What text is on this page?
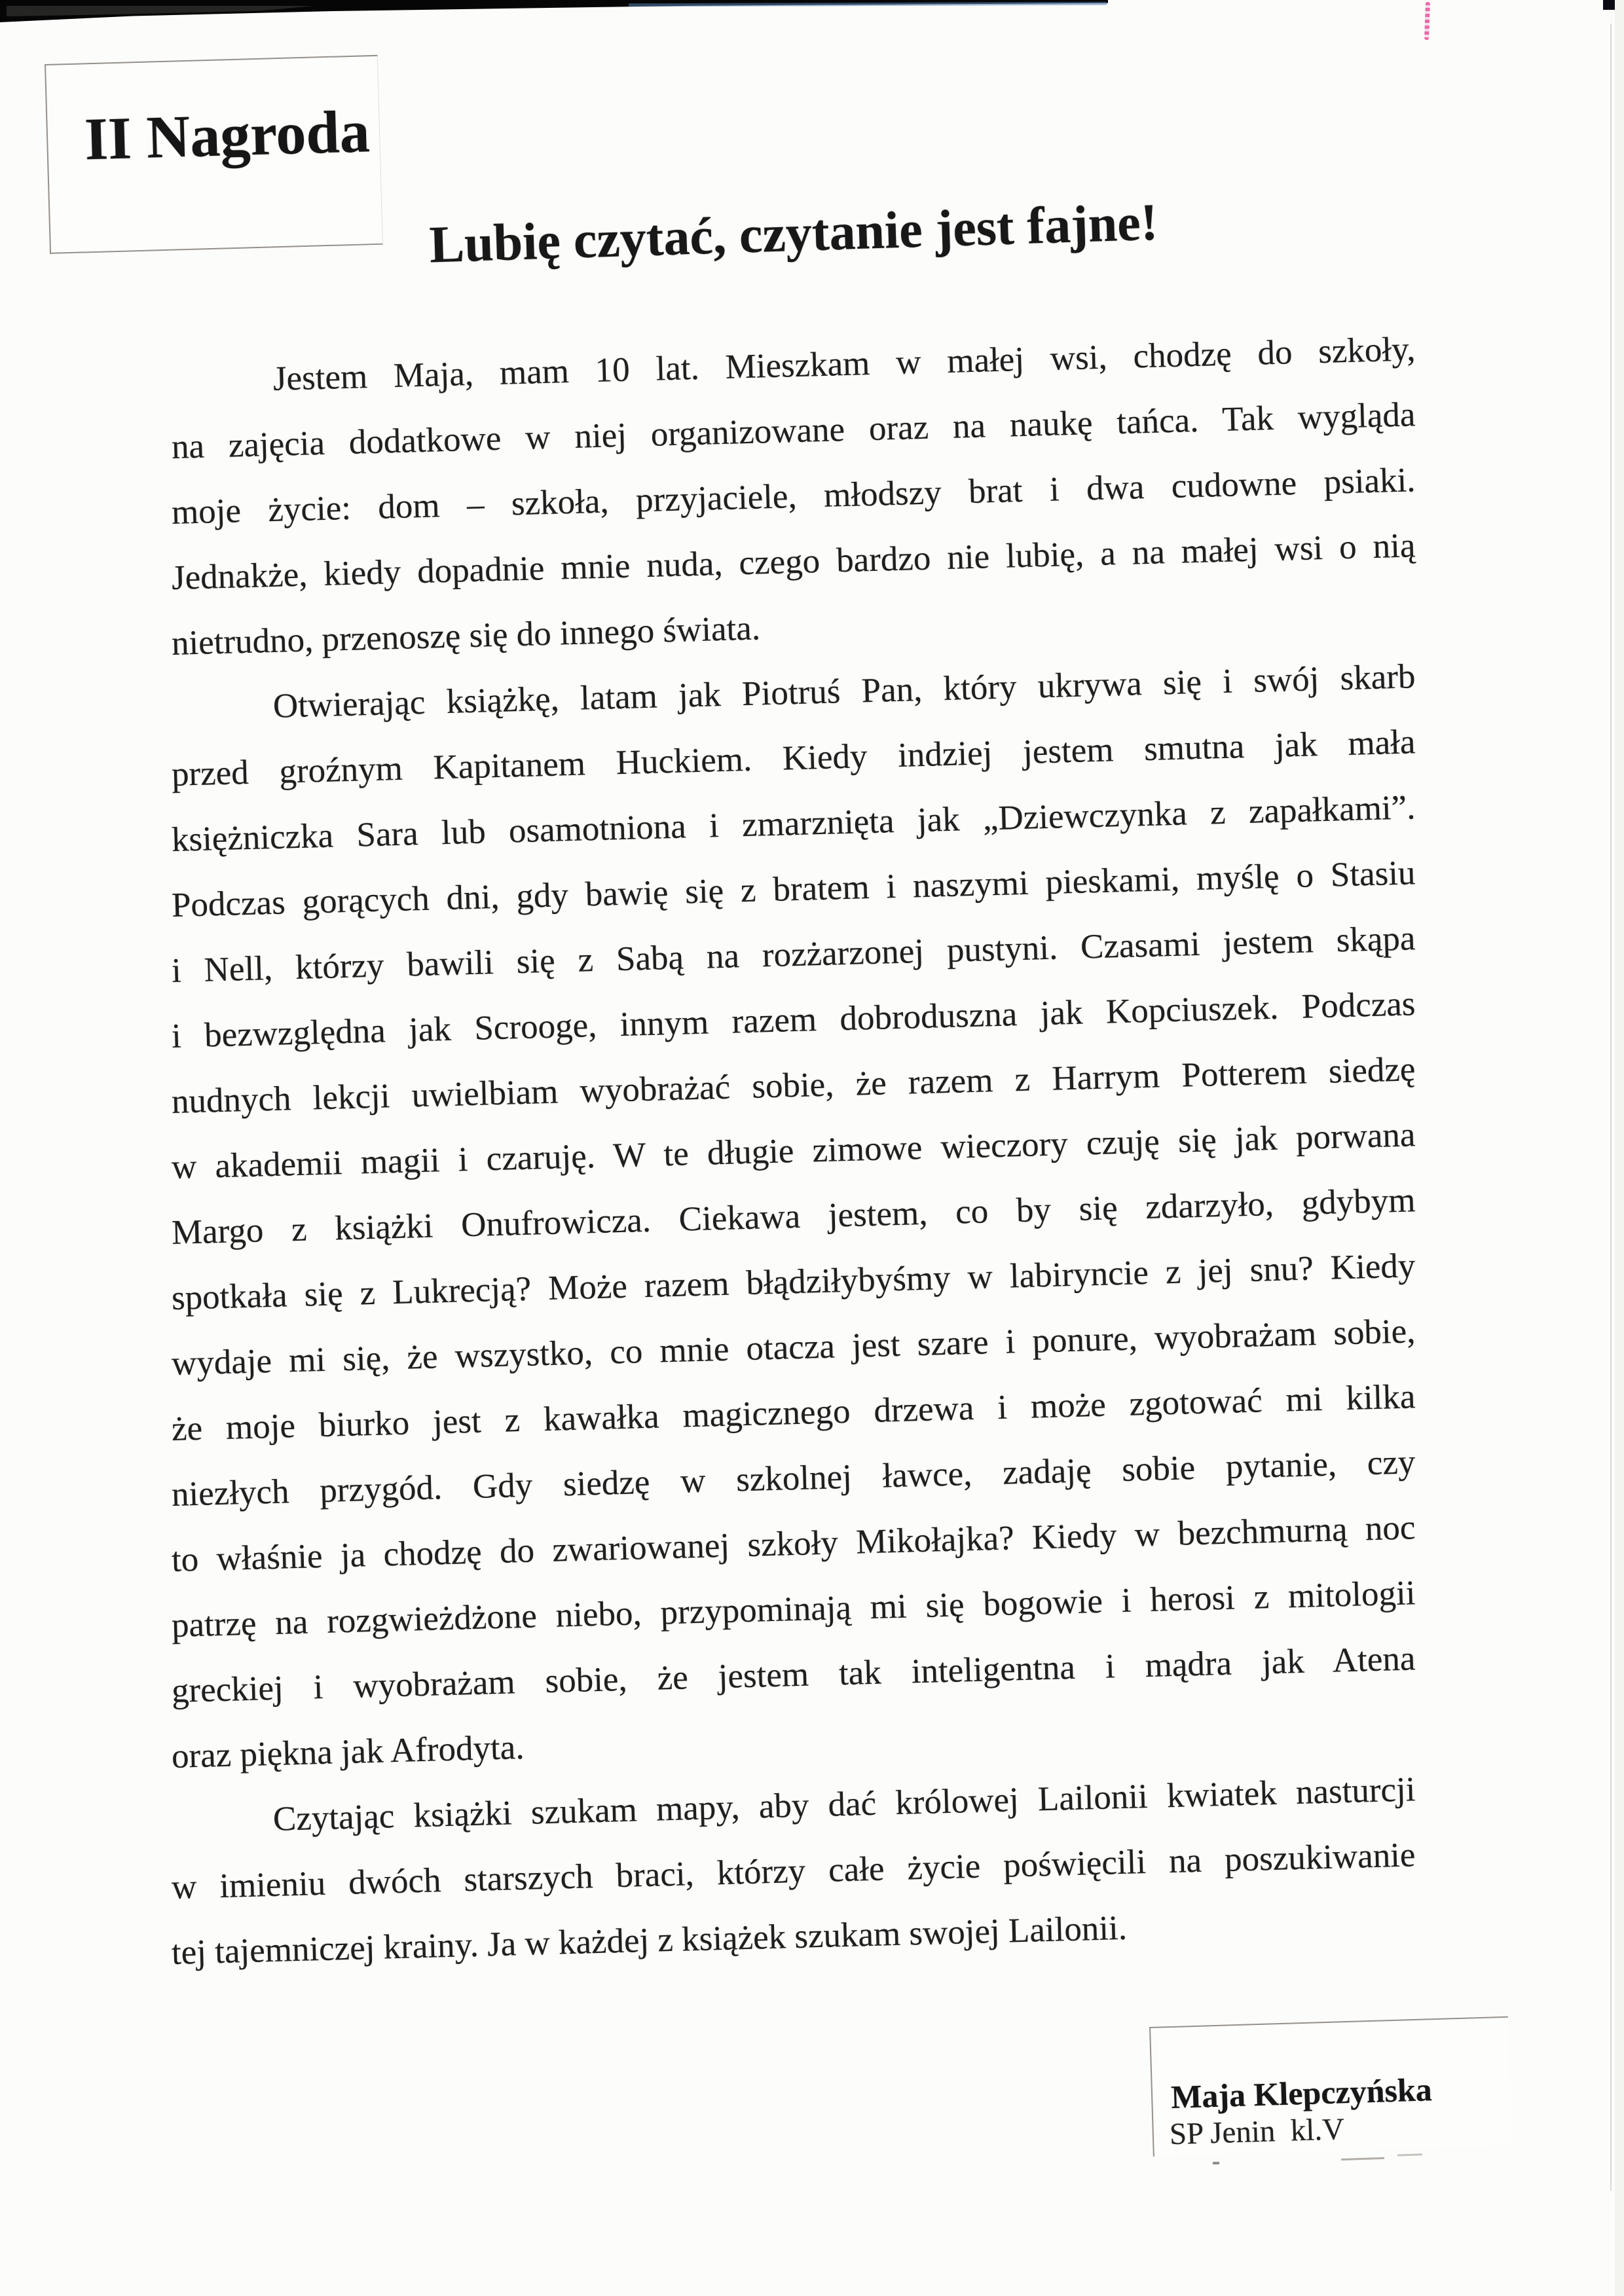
II Nagroda
Lubię czytać, czytanie jest fajne!
Jestem Maja, mam 10 lat. Mieszkam w małej wsi, chodzę do szkoły,
na zajęcia dodatkowe w niej organizowane oraz na naukę tańca. Tak wygląda
moje życie: dom – szkoła, przyjaciele, młodszy brat i dwa cudowne psiaki.
Jednakże, kiedy dopadnie mnie nuda, czego bardzo nie lubię, a na małej wsi o nią
nietrudno, przenoszę się do innego świata.
Otwierając książkę, latam jak Piotruś Pan, który ukrywa się i swój skarb
przed groźnym Kapitanem Huckiem. Kiedy indziej jestem smutna jak mała
księżniczka Sara lub osamotniona i zmarznięta jak „Dziewczynka z zapałkami”.
Podczas gorących dni, gdy bawię się z bratem i naszymi pieskami, myślę o Stasiu
i Nell, którzy bawili się z Sabą na rozżarzonej pustyni. Czasami jestem skąpa
i bezwzględna jak Scrooge, innym razem dobroduszna jak Kopciuszek. Podczas
nudnych lekcji uwielbiam wyobrażać sobie, że razem z Harrym Potterem siedzę
w akademii magii i czaruję. W te długie zimowe wieczory czuję się jak porwana
Margo z książki Onufrowicza. Ciekawa jestem, co by się zdarzyło, gdybym
spotkała się z Lukrecją? Może razem błądziłybyśmy w labiryncie z jej snu? Kiedy
wydaje mi się, że wszystko, co mnie otacza jest szare i ponure, wyobrażam sobie,
że moje biurko jest z kawałka magicznego drzewa i może zgotować mi kilka
niezłych przygód. Gdy siedzę w szkolnej ławce, zadaję sobie pytanie, czy
to właśnie ja chodzę do zwariowanej szkoły Mikołajka? Kiedy w bezchmurną noc
patrzę na rozgwieżdżone niebo, przypominają mi się bogowie i herosi z mitologii
greckiej i wyobrażam sobie, że jestem tak inteligentna i mądra jak Atena
oraz piękna jak Afrodyta.
Czytając książki szukam mapy, aby dać królowej Lailonii kwiatek nasturcji
w imieniu dwóch starszych braci, którzy całe życie poświęcili na poszukiwanie
tej tajemniczej krainy. Ja w każdej z książek szukam swojej Lailonii.
Maja Klepczyńska
SP Jenin  kl.V
